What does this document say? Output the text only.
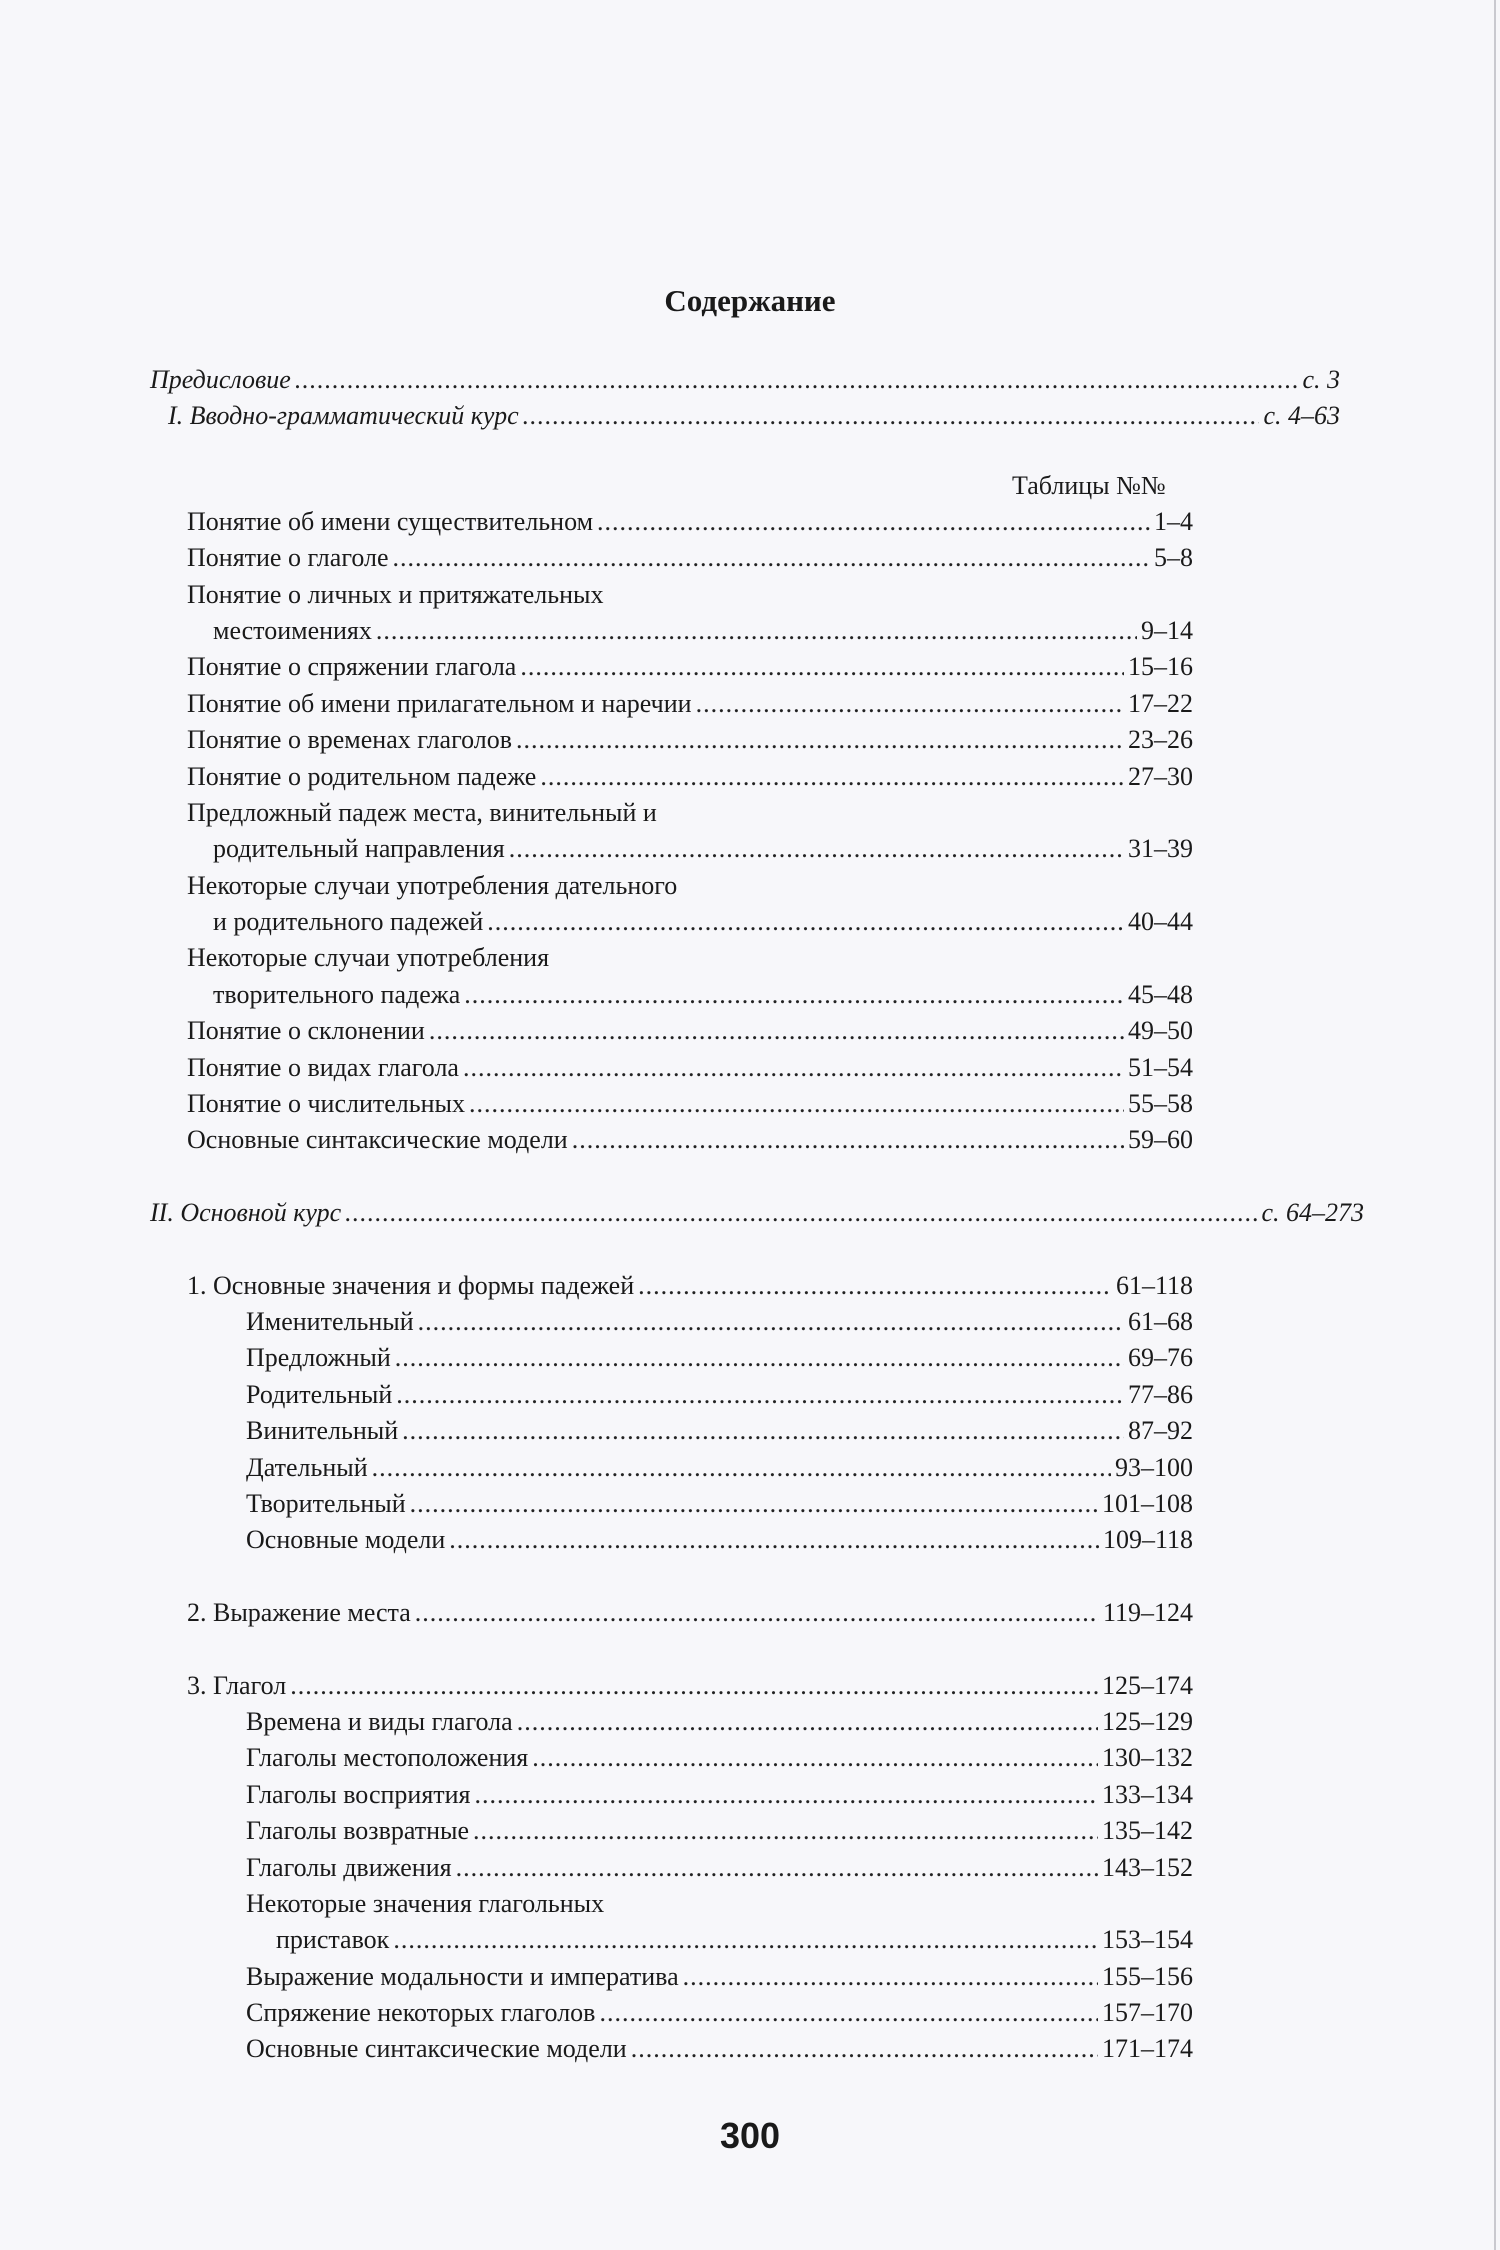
Содержание
Предисловие .....	с. 3
I. Вводно-грамматический курс .....	с. 4–63
Таблицы №№
Понятие об имени существительном .....	1–4
Понятие о глаголе .....	5–8
Понятие о личных и притяжательных
местоимениях .....	9–14
Понятие о спряжении глагола .....	15–16
Понятие об имени прилагательном и наречии .....	17–22
Понятие о временах глаголов .....	23–26
Понятие о родительном падеже .....	27–30
Предложный падеж места, винительный и
родительный направления .....	31–39
Некоторые случаи употребления дательного
и родительного падежей .....	40–44
Некоторые случаи употребления
творительного падежа .....	45–48
Понятие о склонении .....	49–50
Понятие о видах глагола .....	51–54
Понятие о числительных .....	55–58
Основные синтаксические модели .....	59–60
II. Основной курс .....	с. 64–273
1. Основные значения и формы падежей .....	61–118
Именительный .....	61–68
Предложный .....	69–76
Родительный .....	77–86
Винительный .....	87–92
Дательный .....	93–100
Творительный .....	101–108
Основные модели .....	109–118
2. Выражение места .....	119–124
3. Глагол .....	125–174
Времена и виды глагола .....	125–129
Глаголы местоположения .....	130–132
Глаголы восприятия .....	133–134
Глаголы возвратные .....	135–142
Глаголы движения .....	143–152
Некоторые значения глагольных
приставок .....	153–154
Выражение модальности и императива .....	155–156
Спряжение некоторых глаголов .....	157–170
Основные синтаксические модели .....	171–174
300
